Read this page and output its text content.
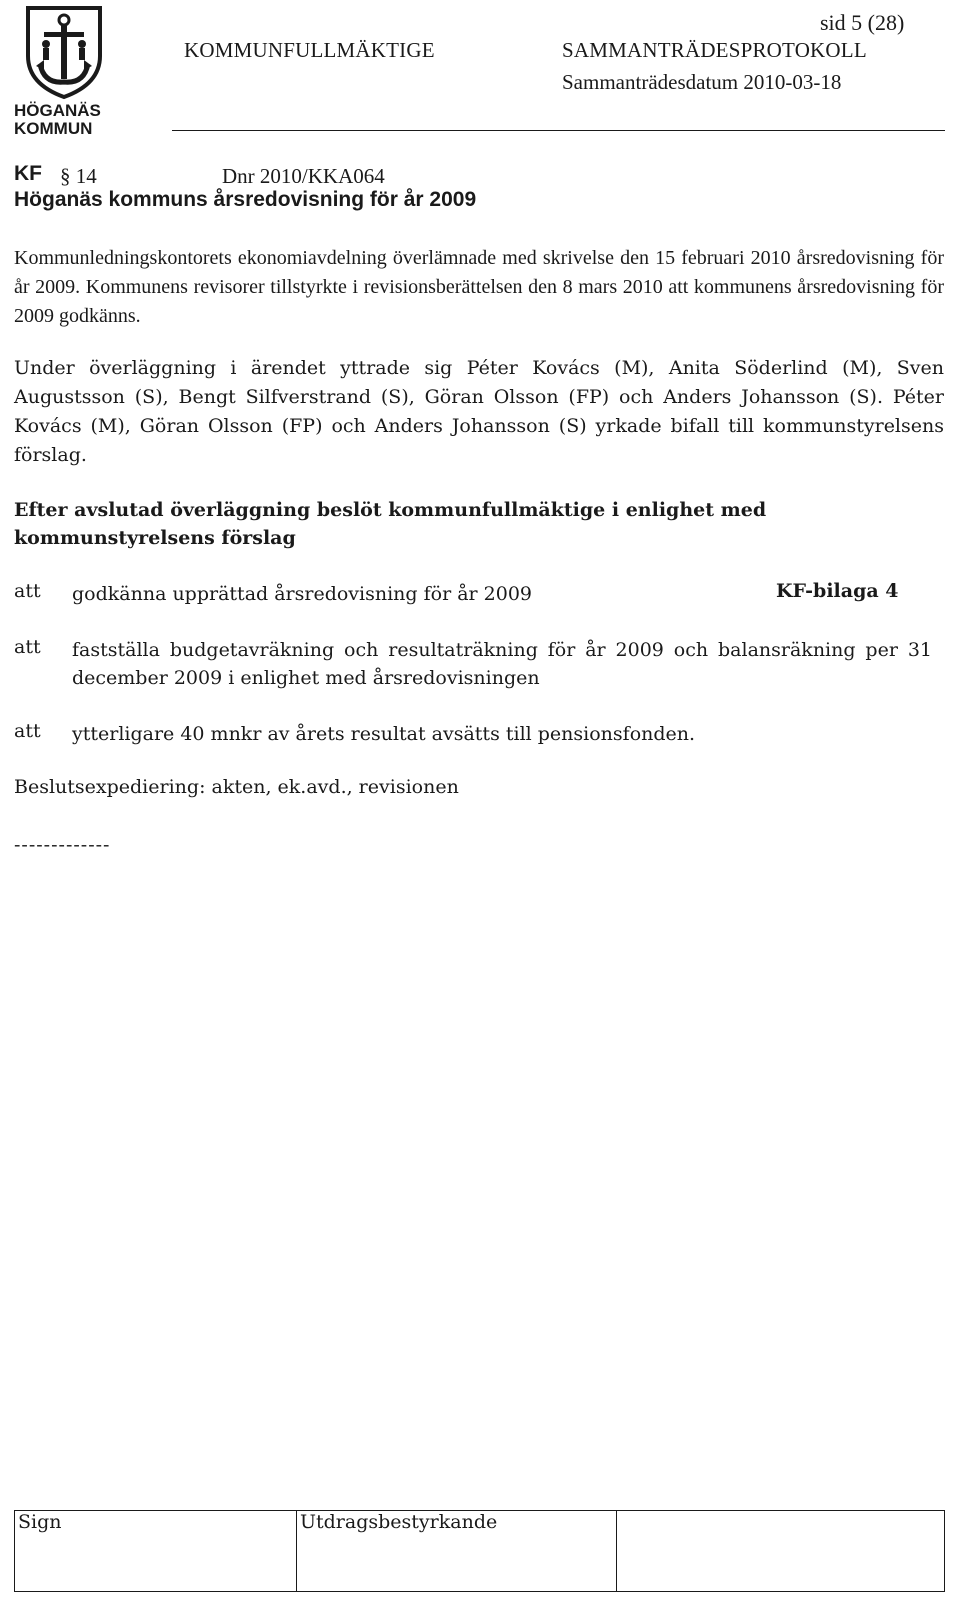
HÖGANÄS
KOMMUN
sid 5 (28)
KOMMUNFULLMÄKTIGE	SAMMANTRÄDESPROTOKOLL
Sammanträdesdatum 2010-03-18
KF § 14	Dnr 2010/KKA064
Höganäs kommuns årsredovisning för år 2009
Kommunledningskontorets ekonomiavdelning överlämnade med skrivelse den 15 februari 2010 årsredovisning för år 2009. Kommunens revisorer tillstyrkte i revisionsberättelsen den 8 mars 2010 att kommunens årsredovisning för 2009 godkänns.
Under överläggning i ärendet yttrade sig Péter Kovács (M), Anita Söderlind (M), Sven Augustsson (S), Bengt Silfverstrand (S), Göran Olsson (FP) och Anders Johansson (S). Péter Kovács (M), Göran Olsson (FP) och Anders Johansson (S) yrkade bifall till kommunstyrelsens förslag.
Efter avslutad överläggning beslöt kommunfullmäktige i enlighet med kommunstyrelsens förslag
att godkänna upprättad årsredovisning för år 2009	KF-bilaga 4
att fastställa budgetavräkning och resultaträkning för år 2009 och balansräkning per 31 december 2009 i enlighet med årsredovisningen
att ytterligare 40 mnkr av årets resultat avsätts till pensionsfonden.
Beslutsexpediering: akten, ek.avd., revisionen
-------------
Sign	Utdragsbestyrkande
